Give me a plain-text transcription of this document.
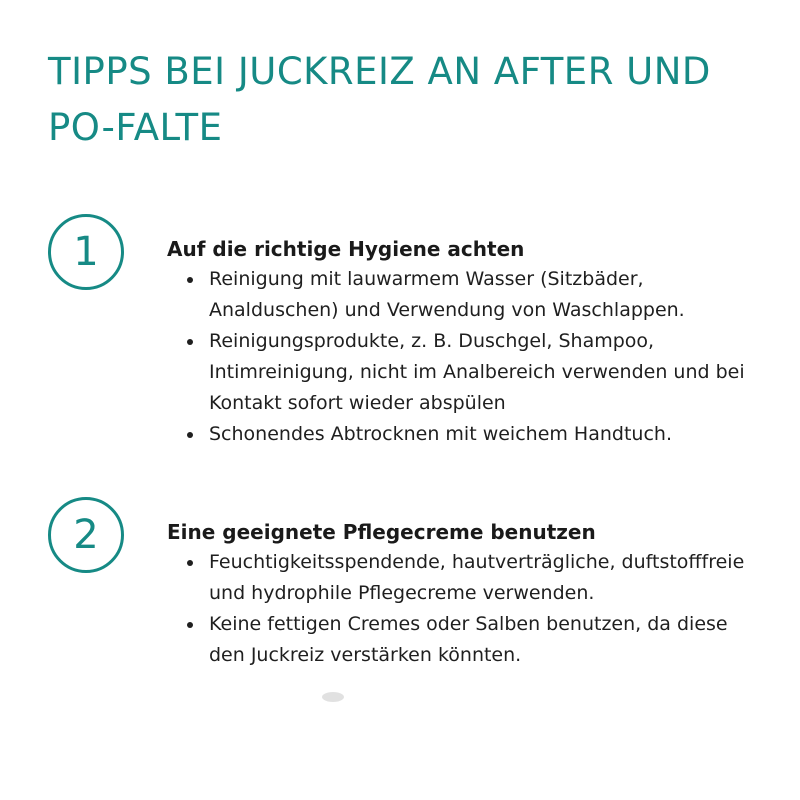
TIPPS BEI JUCKREIZ AN AFTER UND PO-FALTE
1	Auf die richtige Hygiene achten
Reinigung mit lauwarmem Wasser (Sitzbäder, Analduschen) und Verwendung von Waschlappen.
Reinigungsprodukte, z. B. Duschgel, Shampoo, Intimreinigung, nicht im Analbereich verwenden und bei Kontakt sofort wieder abspülen
Schonendes Abtrocknen mit weichem Handtuch.
2	Eine geeignete Pflegecreme benutzen
Feuchtigkeitsspendende, hautverträgliche, duftstofffreie und hydrophile Pflegecreme verwenden.
Keine fettigen Cremes oder Salben benutzen, da diese den Juckreiz verstärken könnten.
